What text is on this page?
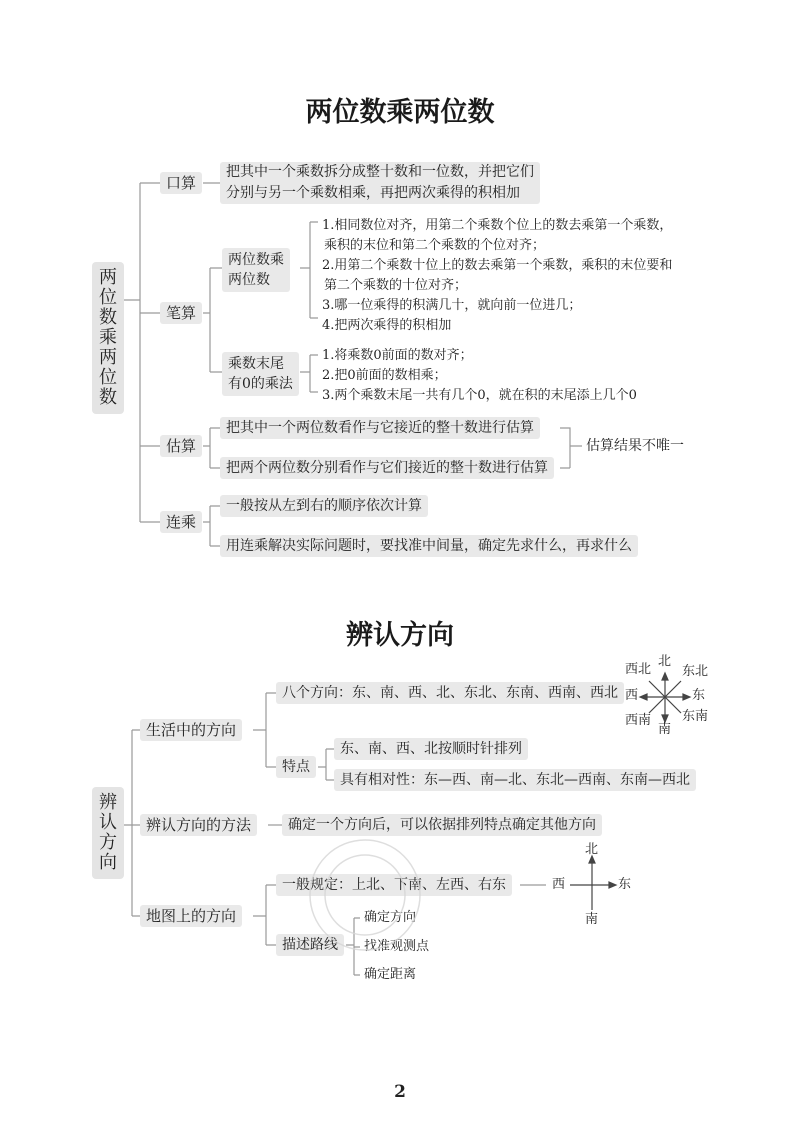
两位数乘两位数
两
位
数
乘
两
位
数
口算
把其中一个乘数拆分成整十数和一位数，并把它们
分别与另一个乘数相乘，再把两次乘得的积相加
笔算
两位数乘
两位数
1.相同数位对齐，用第二个乘数个位上的数去乘第一个乘数，
乘积的末位和第二个乘数的个位对齐；
2.用第二个乘数十位上的数去乘第一个乘数，乘积的末位要和
第二个乘数的十位对齐；
3.哪一位乘得的积满几十，就向前一位进几；
4.把两次乘得的积相加
乘数末尾
有0的乘法
1.将乘数0前面的数对齐；
2.把0前面的数相乘；
3.两个乘数末尾一共有几个0，就在积的末尾添上几个0
估算
把其中一个两位数看作与它接近的整十数进行估算
把两个两位数分别看作与它们接近的整十数进行估算
估算结果不唯一
连乘
一般按从左到右的顺序依次计算
用连乘解决实际问题时，要找准中间量，确定先求什么，再求什么
辨认方向
辨
认
方
向
生活中的方向
八个方向：东、南、西、北、东北、东南、西南、西北
特点
东、南、西、北按顺时针排列
具有相对性：东—西、南—北、东北—西南、东南—西北
北
南
东
西
东北
西北
东南
西南
辨认方向的方法	确定一个方向后，可以依据排列特点确定其他方向
地图上的方向
一般规定：上北、下南、左西、右东
描述路线
确定方向
找准观测点
确定距离
北
南
东
西
2
